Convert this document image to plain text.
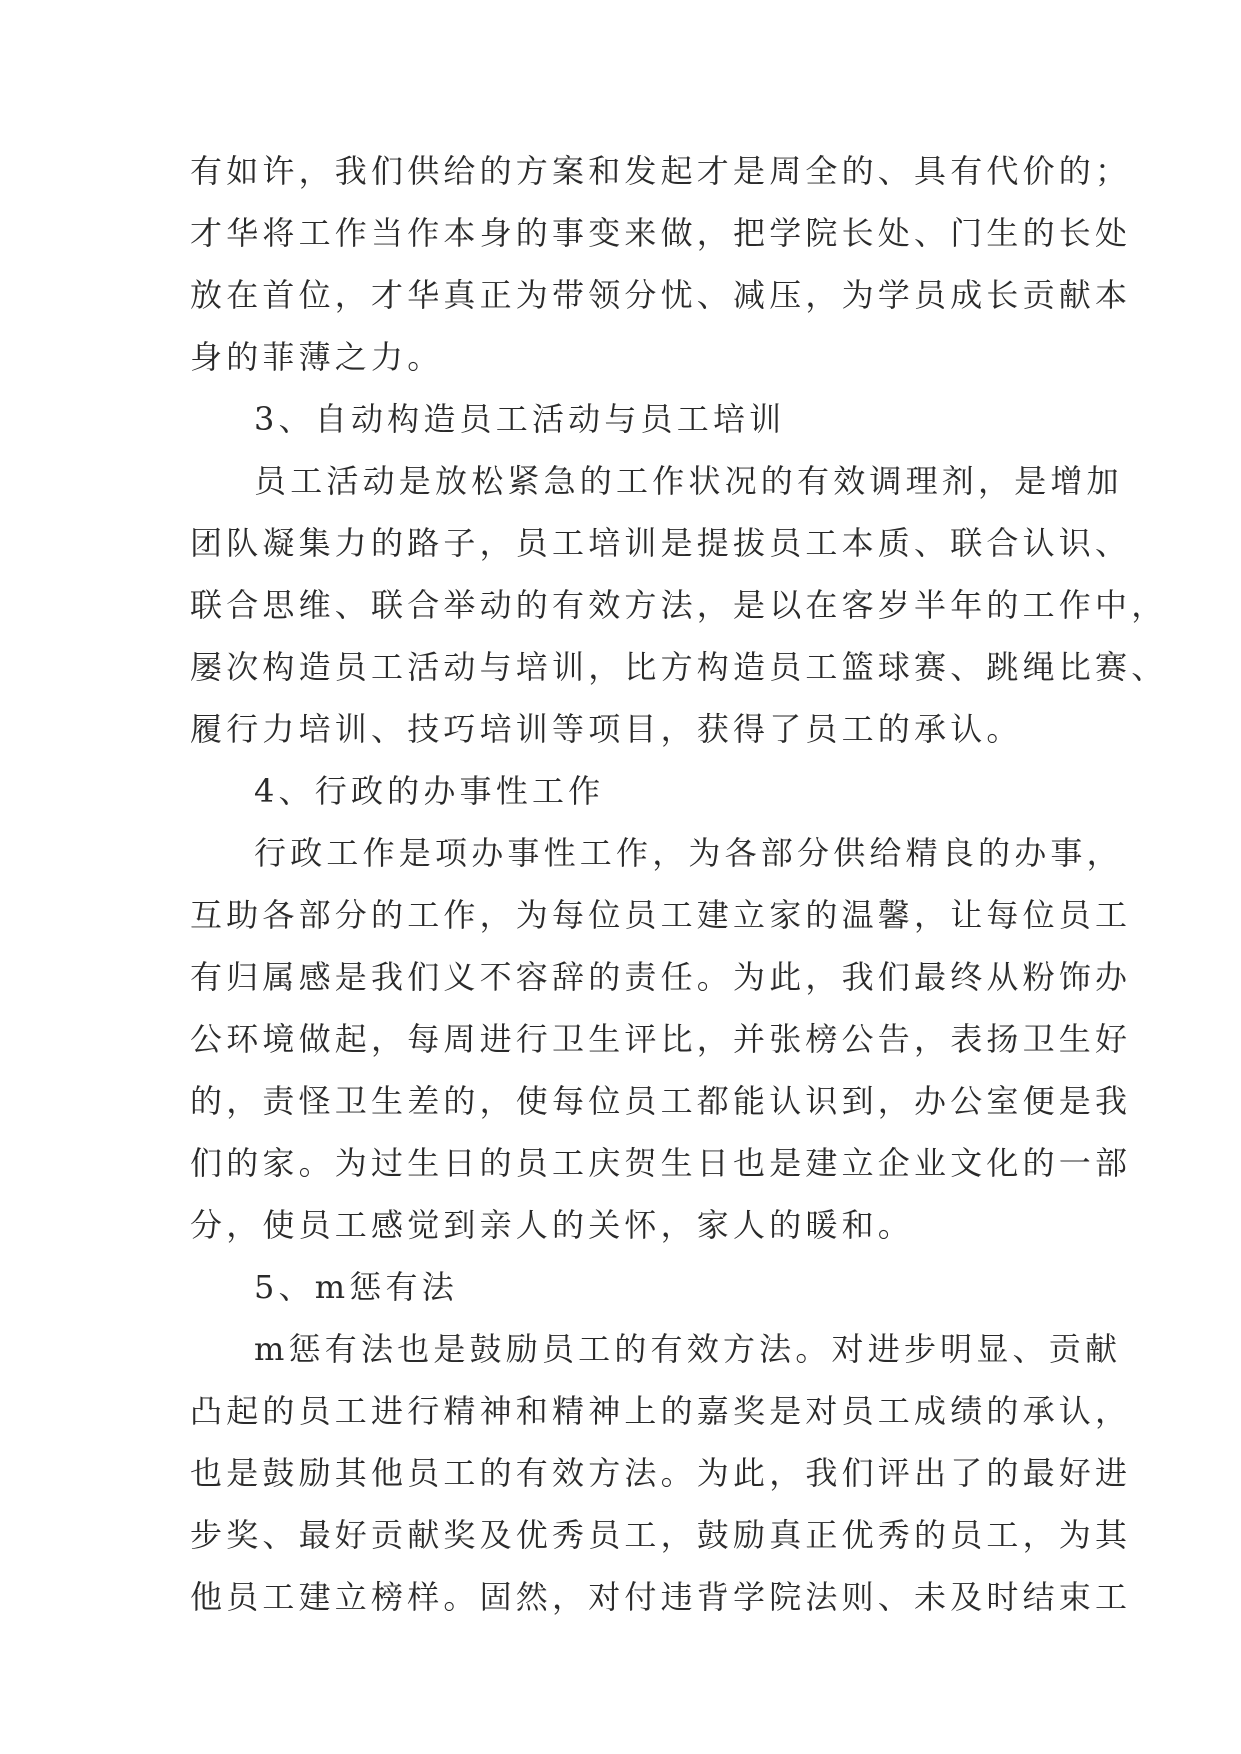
有如许，我们供给的方案和发起才是周全的、具有代价的；
才华将工作当作本身的事变来做，把学院长处、门生的长处
放在首位，才华真正为带领分忧、减压，为学员成长贡献本
身的菲薄之力。
3、自动构造员工活动与员工培训
员工活动是放松紧急的工作状况的有效调理剂，是增加
团队凝集力的路子，员工培训是提拔员工本质、联合认识、
联合思维、联合举动的有效方法，是以在客岁半年的工作中，
屡次构造员工活动与培训，比方构造员工篮球赛、跳绳比赛、
履行力培训、技巧培训等项目，获得了员工的承认。
4、行政的办事性工作
行政工作是项办事性工作，为各部分供给精良的办事，
互助各部分的工作，为每位员工建立家的温馨，让每位员工
有归属感是我们义不容辞的责任。为此，我们最终从粉饰办
公环境做起，每周进行卫生评比，并张榜公告，表扬卫生好
的，责怪卫生差的，使每位员工都能认识到，办公室便是我
们的家。为过生日的员工庆贺生日也是建立企业文化的一部
分，使员工感觉到亲人的关怀，家人的暖和。
5、m惩有法
m惩有法也是鼓励员工的有效方法。对进步明显、贡献
凸起的员工进行精神和精神上的嘉奖是对员工成绩的承认，
也是鼓励其他员工的有效方法。为此，我们评出了的最好进
步奖、最好贡献奖及优秀员工，鼓励真正优秀的员工，为其
他员工建立榜样。固然，对付违背学院法则、未及时结束工
